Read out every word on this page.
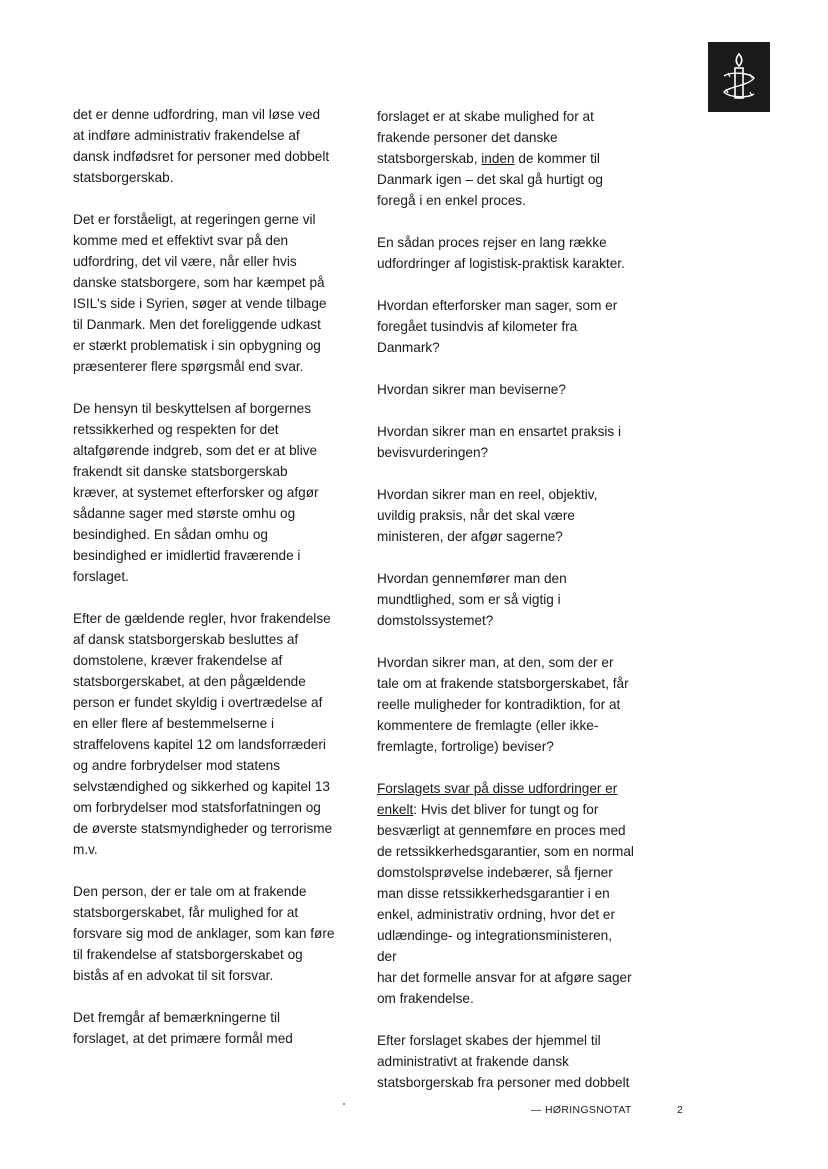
det er denne udfordring, man vil løse ved
at indføre administrativ frakendelse af
dansk indfødsret for personer med dobbelt
statsborgerskab.

Det er forståeligt, at regeringen gerne vil
komme med et effektivt svar på den
udfordring, det vil være, når eller hvis
danske statsborgere, som har kæmpet på
ISIL's side i Syrien, søger at vende tilbage
til Danmark. Men det foreliggende udkast
er stærkt problematisk i sin opbygning og
præsenterer flere spørgsmål end svar.

De hensyn til beskyttelsen af borgernes
retssikkerhed og respekten for det
altafgørende indgreb, som det er at blive
frakendt sit danske statsborgerskab
kræver, at systemet efterforsker og afgør
sådanne sager med største omhu og
besindighed. En sådan omhu og
besindighed er imidlertid fraværende i
forslaget.

Efter de gældende regler, hvor frakendelse
af dansk statsborgerskab besluttes af
domstolene, kræver frakendelse af
statsborgerskabet, at den pågældende
person er fundet skyldig i overtrædelse af
en eller flere af bestemmelserne i
straffelovens kapitel 12 om landsforræderi
og andre forbrydelser mod statens
selvstændighed og sikkerhed og kapitel 13
om forbrydelser mod statsforfatningen og
de øverste statsmyndigheder og terrorisme
m.v.

Den person, der er tale om at frakende
statsborgerskabet, får mulighed for at
forsvare sig mod de anklager, som kan føre
til frakendelse af statsborgerskabet og
bistås af en advokat til sit forsvar.

Det fremgår af bemærkningerne til
forslaget, at det primære formål med

forslaget er at skabe mulighed for at
frakende personer det danske
statsborgerskab, inden de kommer til
Danmark igen – det skal gå hurtigt og
foregå i en enkel proces.

En sådan proces rejser en lang række
udfordringer af logistisk-praktisk karakter.

Hvordan efterforsker man sager, som er
foregået tusindvis af kilometer fra
Danmark?

Hvordan sikrer man beviserne?

Hvordan sikrer man en ensartet praksis i
bevisvurderingen?

Hvordan sikrer man en reel, objektiv,
uvildig praksis, når det skal være
ministeren, der afgør sagerne?

Hvordan gennemfører man den
mundtlighed, som er så vigtig i
domstolssystemet?

Hvordan sikrer man, at den, som der er
tale om at frakende statsborgerskabet, får
reelle muligheder for kontradiktion, for at
kommentere de fremlagte (eller ikke-
fremlagte, fortrolige) beviser?

Forslagets svar på disse udfordringer er
enkelt: Hvis det bliver for tungt og for
besværligt at gennemføre en proces med
de retssikkerhedsgarantier, som en normal
domstolsprøvelse indebærer, så fjerner
man disse retssikkerhedsgarantier i en
enkel, administrativ ordning, hvor det er
udlændinge- og integrationsministeren, der
har det formelle ansvar for at afgøre sager
om frakendelse.

Efter forslaget skabes der hjemmel til
administrativt at frakende dansk
statsborgerskab fra personer med dobbelt

— HØRINGSNOTAT	2
